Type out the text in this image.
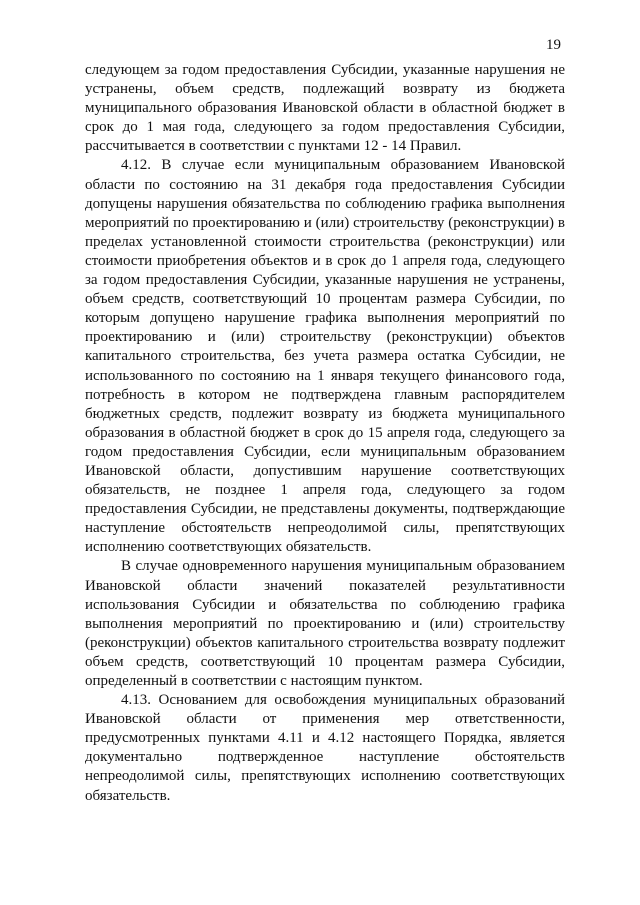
19

следующем за годом предоставления Субсидии, указанные нарушения не устранены, объем средств, подлежащий возврату из бюджета муниципального образования Ивановской области в областной бюджет в срок до 1 мая года, следующего за годом предоставления Субсидии, рассчитывается в соответствии с пунктами 12 - 14 Правил.

4.12. В случае если муниципальным образованием Ивановской области по состоянию на 31 декабря года предоставления Субсидии допущены нарушения обязательства по соблюдению графика выполнения мероприятий по проектированию и (или) строительству (реконструкции) в пределах установленной стоимости строительства (реконструкции) или стоимости приобретения объектов и в срок до 1 апреля года, следующего за годом предоставления Субсидии, указанные нарушения не устранены, объем средств, соответствующий 10 процентам размера Субсидии, по которым допущено нарушение графика выполнения мероприятий по проектированию и (или) строительству (реконструкции) объектов капитального строительства, без учета размера остатка Субсидии, не использованного по состоянию на 1 января текущего финансового года, потребность в котором не подтверждена главным распорядителем бюджетных средств, подлежит возврату из бюджета муниципального образования в областной бюджет в срок до 15 апреля года, следующего за годом предоставления Субсидии, если муниципальным образованием Ивановской области, допустившим нарушение соответствующих обязательств, не позднее 1 апреля года, следующего за годом предоставления Субсидии, не представлены документы, подтверждающие наступление обстоятельств непреодолимой силы, препятствующих исполнению соответствующих обязательств.

В случае одновременного нарушения муниципальным образованием Ивановской области значений показателей результативности использования Субсидии и обязательства по соблюдению графика выполнения мероприятий по проектированию и (или) строительству (реконструкции) объектов капитального строительства возврату подлежит объем средств, соответствующий 10 процентам размера Субсидии, определенный в соответствии с настоящим пунктом.

4.13. Основанием для освобождения муниципальных образований Ивановской области от применения мер ответственности, предусмотренных пунктами 4.11 и 4.12 настоящего Порядка, является документально подтвержденное наступление обстоятельств непреодолимой силы, препятствующих исполнению соответствующих обязательств.
